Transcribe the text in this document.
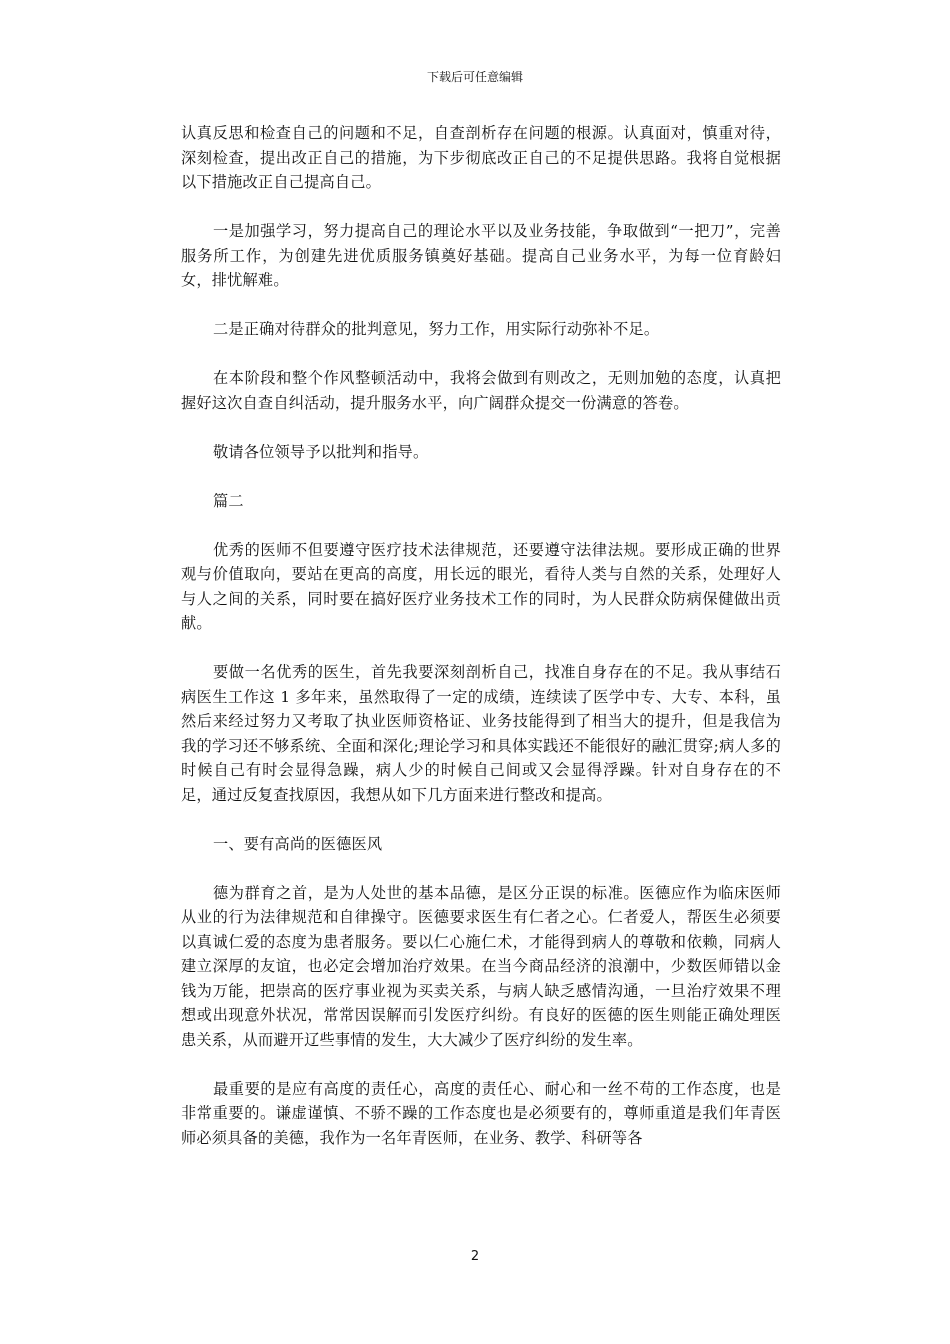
下载后可任意编辑

认真反思和检查自己的问题和不足，自查剖析存在问题的根源。认真面对，慎重对待，深刻检查，提出改正自己的措施，为下步彻底改正自己的不足提供思路。我将自觉根据以下措施改正自己提高自己。

一是加强学习，努力提高自己的理论水平以及业务技能，争取做到“一把刀”，完善服务所工作，为创建先进优质服务镇奠好基础。提高自己业务水平，为每一位育龄妇女，排忧解难。

二是正确对待群众的批判意见，努力工作，用实际行动弥补不足。

在本阶段和整个作风整顿活动中，我将会做到有则改之，无则加勉的态度，认真把握好这次自查自纠活动，提升服务水平，向广阔群众提交一份满意的答卷。

敬请各位领导予以批判和指导。

篇二

优秀的医师不但要遵守医疗技术法律规范，还要遵守法律法规。要形成正确的世界观与价值取向，要站在更高的高度，用长远的眼光，看待人类与自然的关系，处理好人与人之间的关系，同时要在搞好医疗业务技术工作的同时，为人民群众防病保健做出贡献。

要做一名优秀的医生，首先我要深刻剖析自己，找准自身存在的不足。我从事结石病医生工作这 1 多年来，虽然取得了一定的成绩，连续读了医学中专、大专、本科，虽然后来经过努力又考取了执业医师资格证、业务技能得到了相当大的提升，但是我信为我的学习还不够系统、全面和深化;理论学习和具体实践还不能很好的融汇贯穿;病人多的时候自己有时会显得急躁，病人少的时候自己间或又会显得浮躁。针对自身存在的不足，通过反复查找原因，我想从如下几方面来进行整改和提高。

一、要有高尚的医德医风

德为群育之首，是为人处世的基本品德，是区分正误的标准。医德应作为临床医师从业的行为法律规范和自律操守。医德要求医生有仁者之心。仁者爱人，帮医生必须要以真诚仁爱的态度为患者服务。要以仁心施仁术，才能得到病人的尊敬和依赖，同病人建立深厚的友谊，也必定会增加治疗效果。在当今商品经济的浪潮中，少数医师错以金钱为万能，把崇高的医疗事业视为买卖关系，与病人缺乏感情沟通，一旦治疗效果不理想或出现意外状况，常常因误解而引发医疗纠纷。有良好的医德的医生则能正确处理医患关系，从而避开辽些事情的发生，大大减少了医疗纠纷的发生率。

最重要的是应有高度的责任心，高度的责任心、耐心和一丝不苟的工作态度，也是非常重要的。谦虚谨慎、不骄不躁的工作态度也是必须要有的，尊师重道是我们年青医师必须具备的美德，我作为一名年青医师，在业务、教学、科研等各

2
